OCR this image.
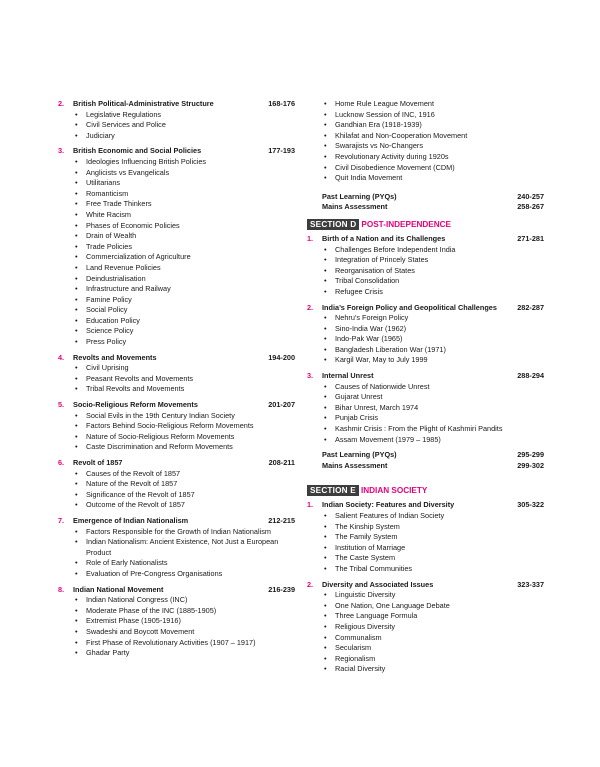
2.	British Political-Administrative Structure	168-176
• Legislative Regulations
• Civil Services and Police
• Judiciary
3.	British Economic and Social Policies	177-193
• Ideologies Influencing British Policies
• Anglicists vs Evangelicals
• Utilitarians
• Romanticism
• Free Trade Thinkers
• White Racism
• Phases of Economic Policies
• Drain of Wealth
• Trade Policies
• Commercialization of Agriculture
• Land Revenue Policies
• Deindustrialisation
• Infrastructure and Railway
• Famine Policy
• Social Policy
• Education Policy
• Science Policy
• Press Policy
4.	Revolts and Movements	194-200
• Civil Uprising
• Peasant Revolts and Movements
• Tribal Revolts and Movements
5.	Socio-Religious Reform Movements	201-207
• Social Evils in the 19th Century Indian Society
• Factors Behind Socio-Religious Reform Movements
• Nature of Socio-Religious Reform Movements
• Caste Discrimination and Reform Movements
6.	Revolt of 1857	208-211
• Causes of the Revolt of 1857
• Nature of the Revolt of 1857
• Significance of the Revolt of 1857
• Outcome of the Revolt of 1857
7.	Emergence of Indian Nationalism	212-215
• Factors Responsible for the Growth of Indian Nationalism
• Indian Nationalism: Ancient Existence, Not Just a European Product
• Role of Early Nationalists
• Evaluation of Pre-Congress Organisations
8.	Indian National Movement	216-239
• Indian National Congress (INC)
• Moderate Phase of the INC (1885-1905)
• Extremist Phase (1905-1916)
• Swadeshi and Boycott Movement
• First Phase of Revolutionary Activities (1907 – 1917)
• Ghadar Party
• Home Rule League Movement
• Lucknow Session of INC, 1916
• Gandhian Era (1918-1939)
• Khilafat and Non-Cooperation Movement
• Swarajists vs No-Changers
• Revolutionary Activity during 1920s
• Civil Disobedience Movement (CDM)
• Quit India Movement
Past Learning (PYQs)	240-257
Mains Assessment	258-267
SECTION D POST-INDEPENDENCE
1.	Birth of a Nation and its Challenges	271-281
• Challenges Before Independent India
• Integration of Princely States
• Reorganisation of States
• Tribal Consolidation
• Refugee Crisis
2.	India’s Foreign Policy and Geopolitical Challenges	282-287
• Nehru’s Foreign Policy
• Sino-India War (1962)
• Indo-Pak War (1965)
• Bangladesh Liberation War (1971)
• Kargil War, May to July 1999
3.	Internal Unrest	288-294
• Causes of Nationwide Unrest
• Gujarat Unrest
• Bihar Unrest, March 1974
• Punjab Crisis
• Kashmir Crisis : From the Plight of Kashmiri Pandits
• Assam Movement (1979 – 1985)
Past Learning (PYQs)	295-299
Mains Assessment	299-302
SECTION E INDIAN SOCIETY
1.	Indian Society: Features and Diversity	305-322
• Salient Features of Indian Society
• The Kinship System
• The Family System
• Institution of Marriage
• The Caste System
• The Tribal Communities
2.	Diversity and Associated Issues	323-337
• Linguistic Diversity
• One Nation, One Language Debate
• Three Language Formula
• Religious Diversity
• Communalism
• Secularism
• Regionalism
• Racial Diversity
